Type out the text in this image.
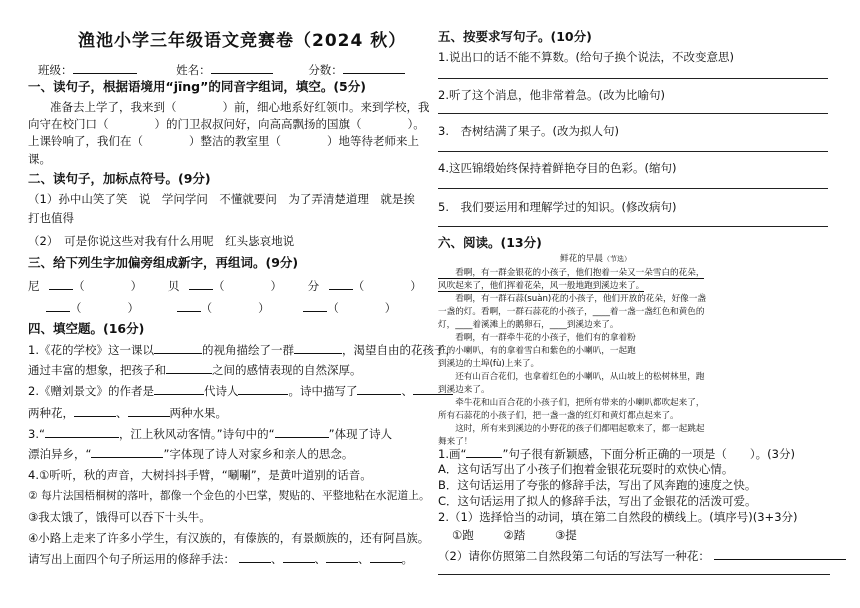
渔池小学三年级语文竞赛卷（2024 秋）
班级：	姓名：	分数：
一、读句子，根据语境用“jīng”的同音字组词，填空。(5分)
准备去上学了，我来到（　　　　）前，细心地系好红领巾。来到学校，我
向守在校门口（　　　　）的门卫叔叔问好，向高高飘扬的国旗（　　　　）。
上课铃响了，我们在（　　　　）整洁的教室里（　　　　）地等待老师来上
课。
二、读句子，加标点符号。(9分)
（1）孙中山笑了笑　说　学问学问　不懂就要问　为了弄清楚道理　就是挨
打也值得
（2）　可是你说这些对我有什么用呢　红头毖哀地说
三、给下列生字加偏旁组成新字，再组词。(9分)
尼	（　　　　） 贝	（　　　　） 分	（　　　　）
（　　　　）	（　　　　）	（　　　　）
四、填空题。(16分)
1.《花的学校》这一课以	的视角描绘了一群	，渴望自由的花孩子，
通过丰富的想象，把孩子和	之间的感情表现的自然深厚。
2.《赠刘景文》的作者是	代诗人	。诗中描写了	、
两种花，	、	两种水果。
3.“	，江上秋风动客情。”诗句中的“	”体现了诗人
漂泊异乡，“	”字体现了诗人对家乡和亲人的思念。
4.①听听，秋的声音，大树抖抖手臂，“唰唰”，是黄叶道别的话音。
② 每片法国梧桐树的落叶，都像一个金色的小巴掌，熨贴的、平整地粘在水泥道上。
③我太饿了，饿得可以吞下十头牛。
④小路上走来了许多小学生，有汉族的，有傣族的，有景颇族的，还有阿昌族。
请写出上面四个句子所运用的修辞手法：	、	、	、	。
五、按要求写句子。(10分)
1.说出口的话不能不算数。(给句子换个说法，不改变意思)
2.听了这个消息，他非常着急。(改为比喻句)
3.　杏树结满了果子。(改为拟人句)
4.这匹锦缎始终保持着鲜艳夺目的色彩。(缩句)
5.　我们要运用和理解学过的知识。(修改病句)
六、阅读。(13分)
鲜花的早晨（节选）
　　看啊，有一群金银花的小孩子，他们抱着一朵又一朵雪白的花朵，
风吹起来了，他们挥着花朵，风一般地跑到溪边来了。
　　看啊，有一群石蒜(suàn)花的小孩子，他们开放的花朵，好像一盏
一盏的灯。看啊，一群石蒜花的小孩子，____着一盏一盏红色和黄色的
灯，____着溪滩上的鹅卵石，____到溪边来了。
　　看啊，有一群牵牛花的小孩子，他们有的拿着粉
红的小喇叭，有的拿着雪白和紫色的小喇叭，一起跑
到溪边的土埠(fù)上来了。
　　还有山百合花们，也拿着红色的小喇叭，从山坡上的松树林里，跑
到溪边来了。
　　牵牛花和山百合花的小孩子们，把所有带来的小喇叭都吹起来了，
所有石蒜花的小孩子们，把一盏一盏的红灯和黄灯都点起来了。
　　这时，所有来到溪边的小野花的孩子们都唱起歌来了，都一起跳起
舞来了！
1.画“	”句子很有新颖感，下面分析正确的一项是（　　）。(3分)
A．这句话写出了小孩子们抱着金银花玩耍时的欢快心情。
B．这句话运用了夸张的修辞手法，写出了风奔跑的速度之快。
C．这句话运用了拟人的修辞手法，写出了金银花的活泼可爱。
2.（1）选择恰当的动词，填在第二自然段的横线上。(填序号)(3+3分)
①跑	②踏	③提
（2）请你仿照第二自然段第二句话的写法写一种花：
